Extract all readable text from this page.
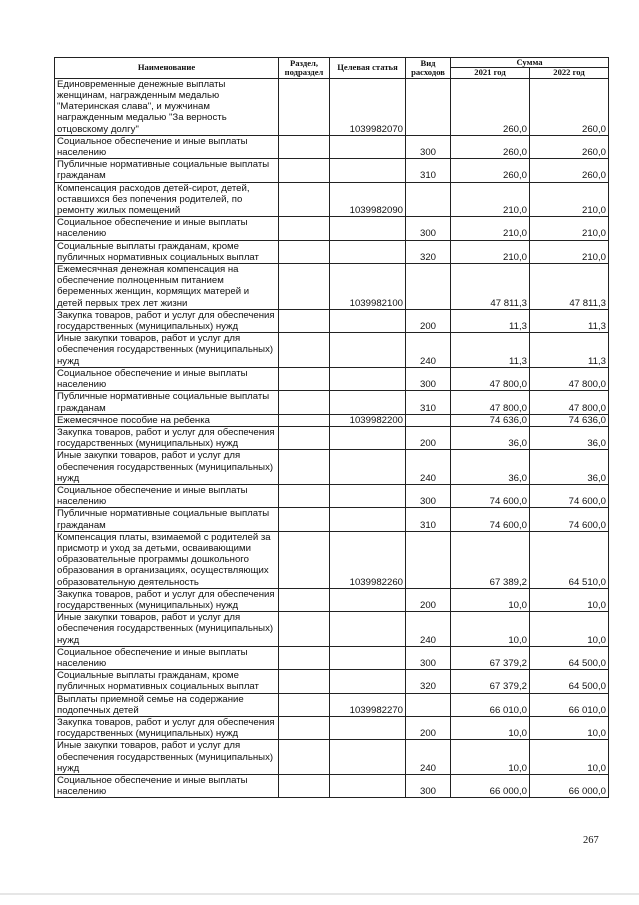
Наименование	Раздел, подраздел	Целевая статья	Вид расходов	Сумма	
				2021 год	2022 год
Единовременные денежные выплаты женщинам, награжденным медалью "Материнская слава", и мужчинам награжденным медалью "За верность отцовскому долгу"		1039982070		260,0	260,0
Социальное обеспечение и иные выплаты населению			300	260,0	260,0
Публичные нормативные социальные выплаты гражданам			310	260,0	260,0
Компенсация расходов детей-сирот, детей, оставшихся без попечения родителей, по ремонту жилых помещений		1039982090		210,0	210,0
Социальное обеспечение и иные выплаты населению			300	210,0	210,0
Социальные выплаты гражданам, кроме публичных нормативных социальных выплат			320	210,0	210,0
Ежемесячная денежная компенсация на обеспечение полноценным питанием беременных женщин, кормящих матерей и детей первых трех лет жизни		1039982100		47 811,3	47 811,3
Закупка товаров, работ и услуг для обеспечения государственных (муниципальных) нужд			200	11,3	11,3
Иные закупки товаров, работ и услуг для обеспечения государственных (муниципальных) нужд			240	11,3	11,3
Социальное обеспечение и иные выплаты населению			300	47 800,0	47 800,0
Публичные нормативные социальные выплаты гражданам			310	47 800,0	47 800,0
Ежемесячное пособие на ребенка		1039982200		74 636,0	74 636,0
Закупка товаров, работ и услуг для обеспечения государственных (муниципальных) нужд			200	36,0	36,0
Иные закупки товаров, работ и услуг для обеспечения государственных (муниципальных) нужд			240	36,0	36,0
Социальное обеспечение и иные выплаты населению			300	74 600,0	74 600,0
Публичные нормативные социальные выплаты гражданам			310	74 600,0	74 600,0
Компенсация платы, взимаемой с родителей за присмотр и уход за детьми, осваивающими образовательные программы дошкольного образования в организациях, осуществляющих образовательную деятельность		1039982260		67 389,2	64 510,0
Закупка товаров, работ и услуг для обеспечения государственных (муниципальных) нужд			200	10,0	10,0
Иные закупки товаров, работ и услуг для обеспечения государственных (муниципальных) нужд			240	10,0	10,0
Социальное обеспечение и иные выплаты населению			300	67 379,2	64 500,0
Социальные выплаты гражданам, кроме публичных нормативных социальных выплат			320	67 379,2	64 500,0
Выплаты приемной семье на содержание подопечных детей		1039982270		66 010,0	66 010,0
Закупка товаров, работ и услуг для обеспечения государственных (муниципальных) нужд			200	10,0	10,0
Иные закупки товаров, работ и услуг для обеспечения государственных (муниципальных) нужд			240	10,0	10,0
Социальное обеспечение и иные выплаты населению			300	66 000,0	66 000,0
267
